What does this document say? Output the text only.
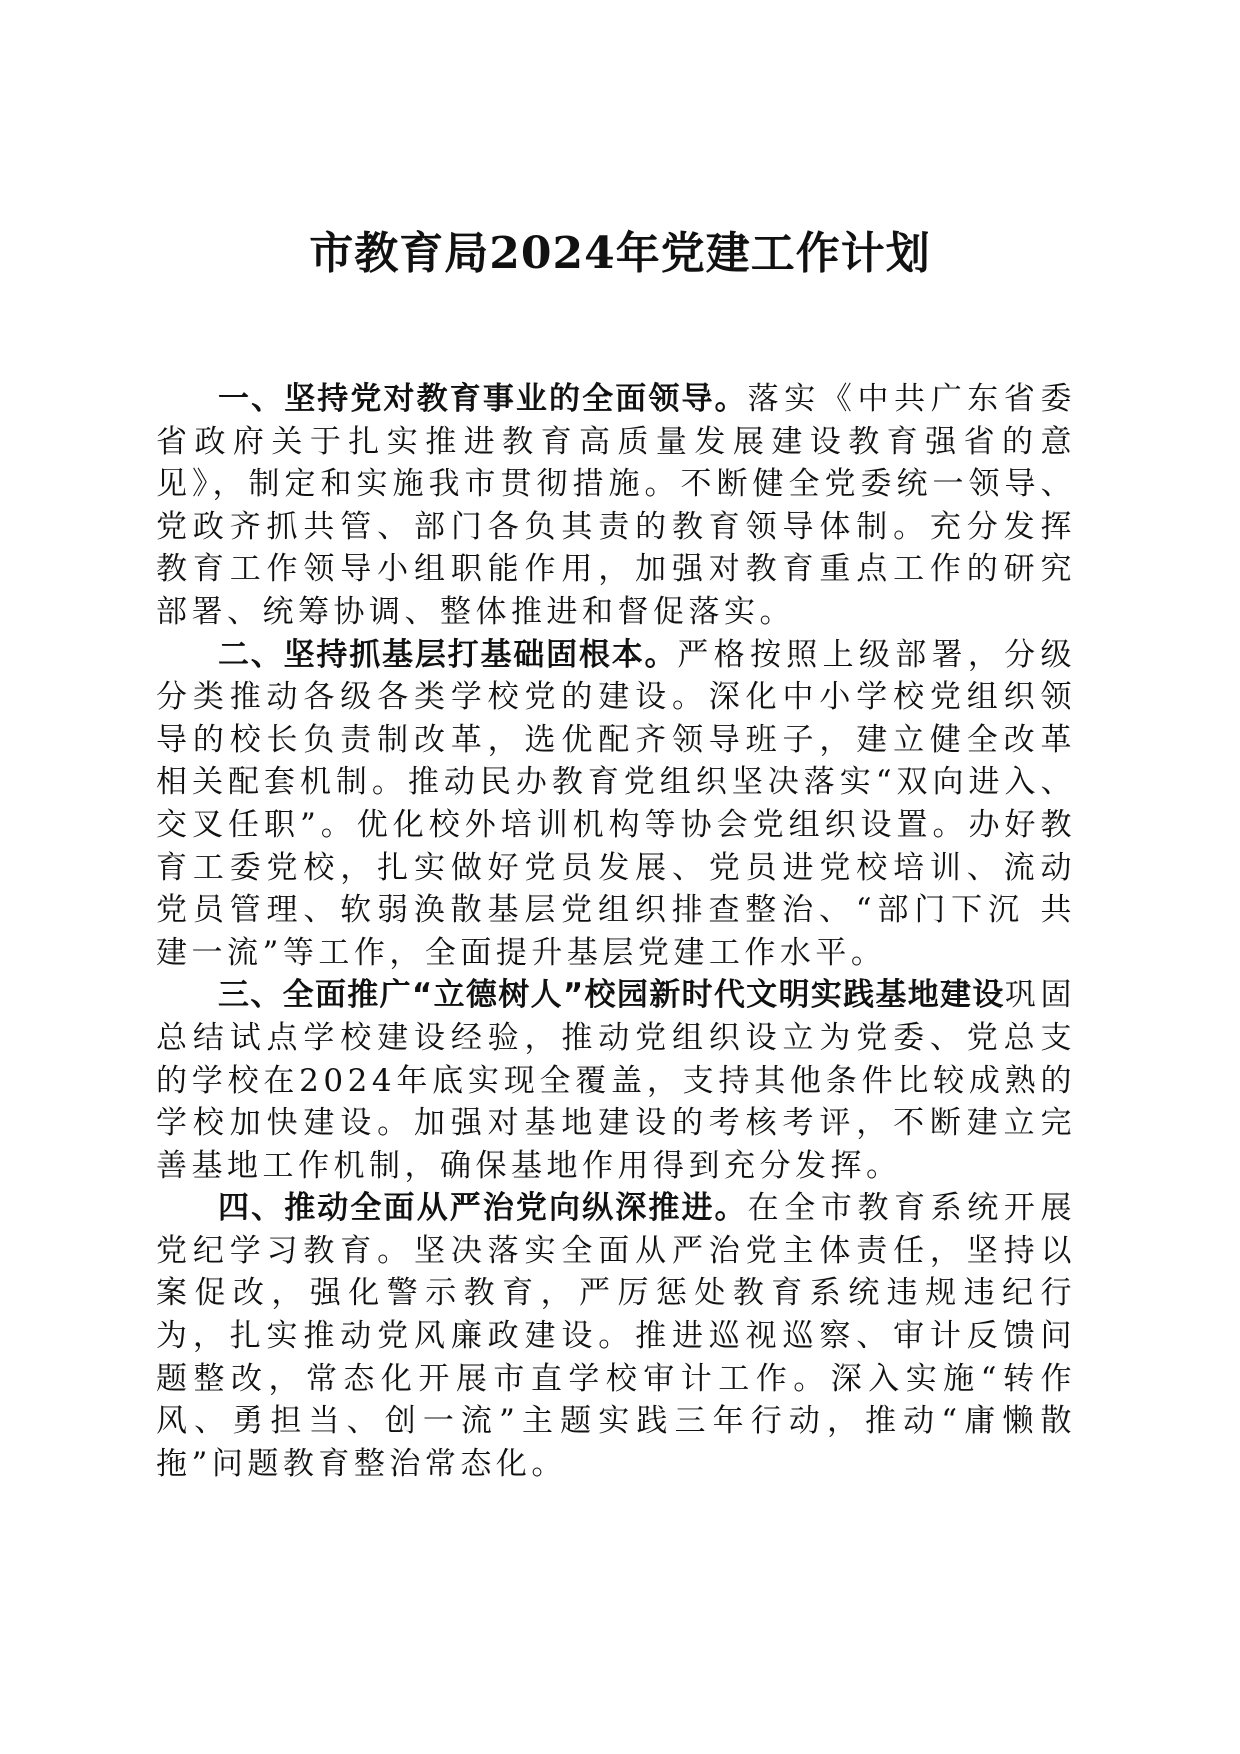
市教育局2024年党建工作计划

一、坚持党对教育事业的全面领导。落实《中共广东省委省政府关于扎实推进教育高质量发展建设教育强省的意见》，制定和实施我市贯彻措施。不断健全党委统一领导、党政齐抓共管、部门各负其责的教育领导体制。充分发挥教育工作领导小组职能作用，加强对教育重点工作的研究部署、统筹协调、整体推进和督促落实。

二、坚持抓基层打基础固根本。严格按照上级部署，分级分类推动各级各类学校党的建设。深化中小学校党组织领导的校长负责制改革，选优配齐领导班子，建立健全改革相关配套机制。推动民办教育党组织坚决落实“双向进入、交叉任职”。优化校外培训机构等协会党组织设置。办好教育工委党校，扎实做好党员发展、党员进党校培训、流动党员管理、软弱涣散基层党组织排查整治、“部门下沉 共建一流”等工作，全面提升基层党建工作水平。

三、全面推广“立德树人”校园新时代文明实践基地建设巩固总结试点学校建设经验，推动党组织设立为党委、党总支的学校在2024年底实现全覆盖，支持其他条件比较成熟的学校加快建设。加强对基地建设的考核考评，不断建立完善基地工作机制，确保基地作用得到充分发挥。

四、推动全面从严治党向纵深推进。在全市教育系统开展党纪学习教育。坚决落实全面从严治党主体责任，坚持以案促改，强化警示教育，严厉惩处教育系统违规违纪行为，扎实推动党风廉政建设。推进巡视巡察、审计反馈问题整改，常态化开展市直学校审计工作。深入实施“转作风、勇担当、创一流”主题实践三年行动，推动“庸懒散拖”问题教育整治常态化。
